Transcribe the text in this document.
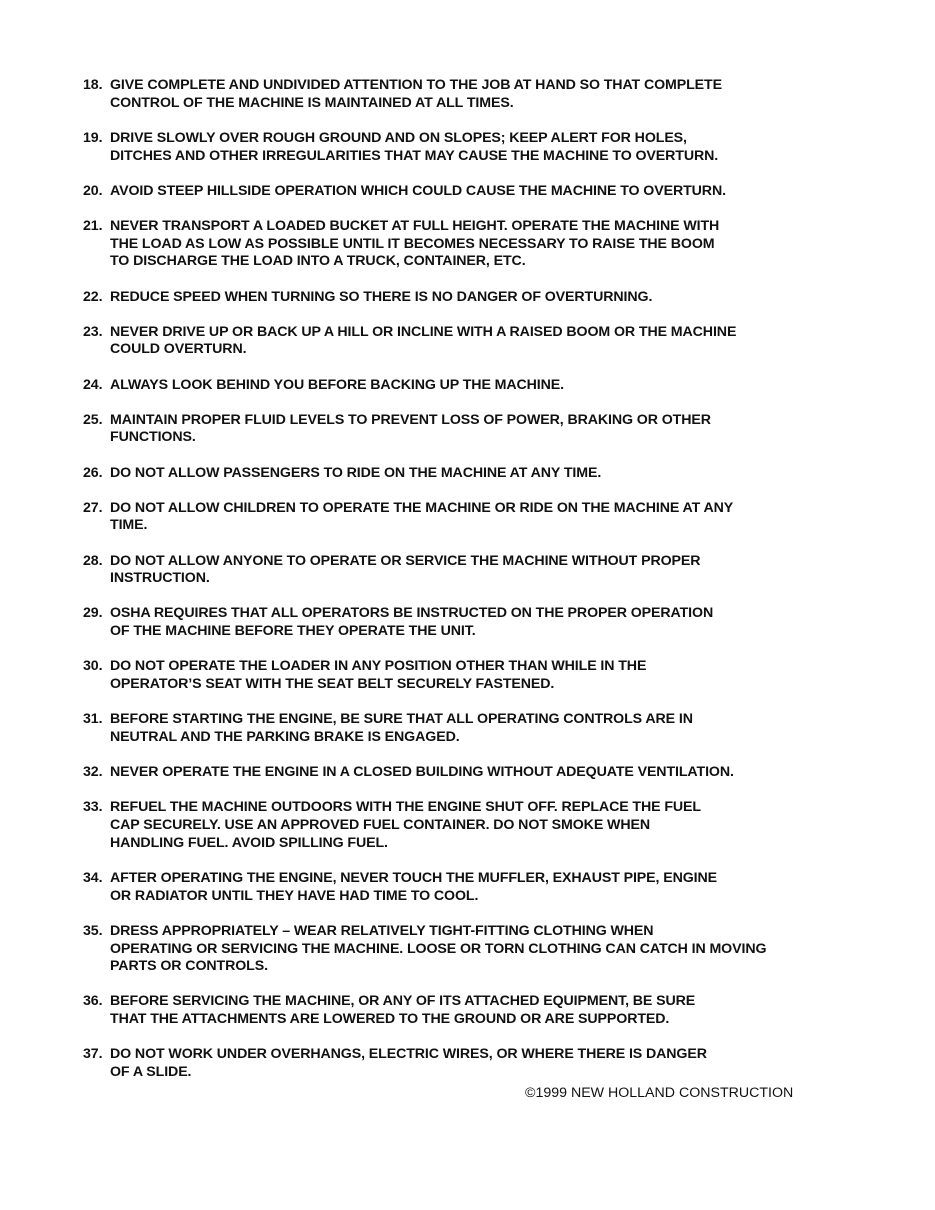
18. GIVE COMPLETE AND UNDIVIDED ATTENTION TO THE JOB AT HAND SO THAT COMPLETE
CONTROL OF THE MACHINE IS MAINTAINED AT ALL TIMES.
19. DRIVE SLOWLY OVER ROUGH GROUND AND ON SLOPES; KEEP ALERT FOR HOLES,
DITCHES AND OTHER IRREGULARITIES THAT MAY CAUSE THE MACHINE TO OVERTURN.
20. AVOID STEEP HILLSIDE OPERATION WHICH COULD CAUSE THE MACHINE TO OVERTURN.
21. NEVER TRANSPORT A LOADED BUCKET AT FULL HEIGHT. OPERATE THE MACHINE WITH
THE LOAD AS LOW AS POSSIBLE UNTIL IT BECOMES NECESSARY TO RAISE THE BOOM
TO DISCHARGE THE LOAD INTO A TRUCK, CONTAINER, ETC.
22. REDUCE SPEED WHEN TURNING SO THERE IS NO DANGER OF OVERTURNING.
23. NEVER DRIVE UP OR BACK UP A HILL OR INCLINE WITH A RAISED BOOM OR THE MACHINE
COULD OVERTURN.
24. ALWAYS LOOK BEHIND YOU BEFORE BACKING UP THE MACHINE.
25. MAINTAIN PROPER FLUID LEVELS TO PREVENT LOSS OF POWER, BRAKING OR OTHER
FUNCTIONS.
26. DO NOT ALLOW PASSENGERS TO RIDE ON THE MACHINE AT ANY TIME.
27. DO NOT ALLOW CHILDREN TO OPERATE THE MACHINE OR RIDE ON THE MACHINE AT ANY
TIME.
28. DO NOT ALLOW ANYONE TO OPERATE OR SERVICE THE MACHINE WITHOUT PROPER
INSTRUCTION.
29. OSHA REQUIRES THAT ALL OPERATORS BE INSTRUCTED ON THE PROPER OPERATION
OF THE MACHINE BEFORE THEY OPERATE THE UNIT.
30. DO NOT OPERATE THE LOADER IN ANY POSITION OTHER THAN WHILE IN THE
OPERATOR’S SEAT WITH THE SEAT BELT SECURELY FASTENED.
31. BEFORE STARTING THE ENGINE, BE SURE THAT ALL OPERATING CONTROLS ARE IN
NEUTRAL AND THE PARKING BRAKE IS ENGAGED.
32. NEVER OPERATE THE ENGINE IN A CLOSED BUILDING WITHOUT ADEQUATE VENTILATION.
33. REFUEL THE MACHINE OUTDOORS WITH THE ENGINE SHUT OFF. REPLACE THE FUEL
CAP SECURELY. USE AN APPROVED FUEL CONTAINER. DO NOT SMOKE WHEN
HANDLING FUEL. AVOID SPILLING FUEL.
34. AFTER OPERATING THE ENGINE, NEVER TOUCH THE MUFFLER, EXHAUST PIPE, ENGINE
OR RADIATOR UNTIL THEY HAVE HAD TIME TO COOL.
35. DRESS APPROPRIATELY – WEAR RELATIVELY TIGHT-FITTING CLOTHING WHEN
OPERATING OR SERVICING THE MACHINE. LOOSE OR TORN CLOTHING CAN CATCH IN MOVING
PARTS OR CONTROLS.
36. BEFORE SERVICING THE MACHINE, OR ANY OF ITS ATTACHED EQUIPMENT, BE SURE
THAT THE ATTACHMENTS ARE LOWERED TO THE GROUND OR ARE SUPPORTED.
37. DO NOT WORK UNDER OVERHANGS, ELECTRIC WIRES, OR WHERE THERE IS DANGER
OF A SLIDE.
©1999 NEW HOLLAND CONSTRUCTION
